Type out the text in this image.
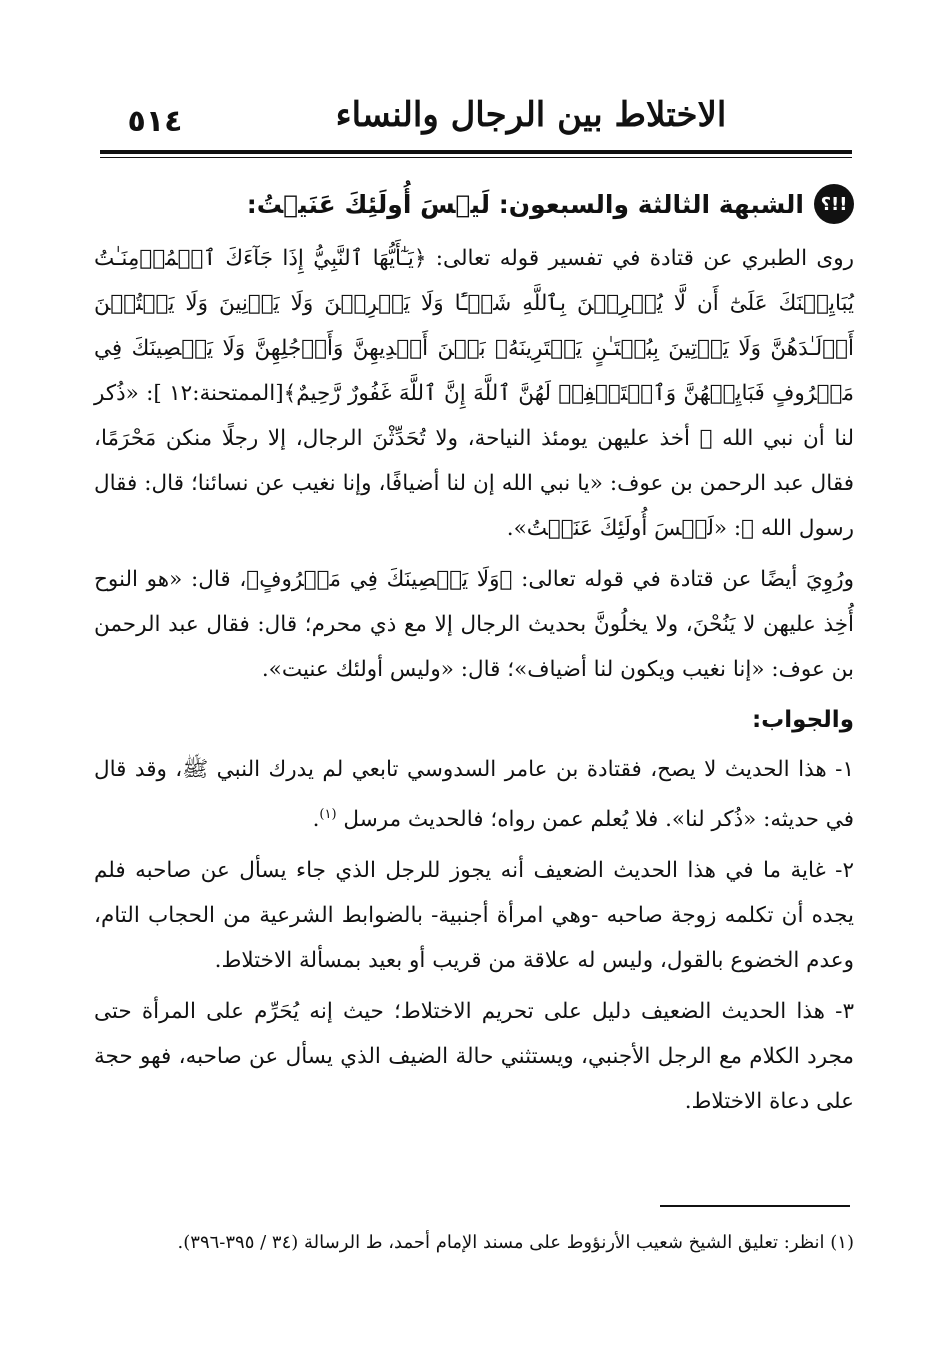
الاختلاط بين الرجال والنساء
٥١٤
!!؟
الشبهة الثالثة والسبعون: لَيۡسَ أُولَئِكَ عَنَيۡتُ:

روى الطبري عن قتادة في تفسير قوله تعالى: ﴿يَـٰٓأَيُّهَا ٱلنَّبِيُّ إِذَا جَآءَكَ ٱلۡمُؤۡمِنَـٰتُ يُبَايِعۡنَكَ عَلَىٰٓ أَن لَّا يُشۡرِكۡنَ بِٱللَّهِ شَيۡـًٔا وَلَا يَسۡرِقۡنَ وَلَا يَزۡنِينَ وَلَا يَقۡتُلۡنَ أَوۡلَـٰدَهُنَّ وَلَا يَأۡتِينَ بِبُهۡتَـٰنٍ يَفۡتَرِينَهُۥ بَيۡنَ أَيۡدِيهِنَّ وَأَرۡجُلِهِنَّ وَلَا يَعۡصِينَكَ فِي مَعۡرُوفٍ فَبَايِعۡهُنَّ وَٱسۡتَغۡفِرۡ لَهُنَّ ٱللَّهَ إِنَّ ٱللَّهَ غَفُورٌ رَّحِيمٌ﴾[الممتحنة:١٢ ]: «ذُكر لنا أن نبي الله ﷺ أخذ عليهن يومئذ النياحة، ولا تُحَدِّثْنَ الرجال، إلا رجلًا منكن مَحْرَمًا، فقال عبد الرحمن بن عوف: «يا نبي الله إن لنا أضيافًا، وإنا نغيب عن نسائنا؛ قال: فقال رسول الله ﷺ: «لَيۡسَ أُولَئِكَ عَنَيۡتُ».

ورُوِيَ أيضًا عن قتادة في قوله تعالى: ﴿وَلَا يَعۡصِينَكَ فِي مَعۡرُوفٍ﴾، قال: «هو النوح أُخِذ عليهن لا يَنُحْنَ، ولا يخلُونَّ بحديث الرجال إلا مع ذي محرم؛ قال: فقال عبد الرحمن بن عوف: «إنا نغيب ويكون لنا أضياف»؛ قال: «وليس أولئك عنيت».

والجواب:

١- هذا الحديث لا يصح، فقتادة بن عامر السدوسي تابعي لم يدرك النبي ﷺ، وقد قال في حديثه: «ذُكر لنا». فلا يُعلم عمن رواه؛ فالحديث مرسل $^{(١)}$.

٢- غاية ما في هذا الحديث الضعيف أنه يجوز للرجل الذي جاء يسأل عن صاحبه فلم يجده أن تكلمه زوجة صاحبه -وهي امرأة أجنبية- بالضوابط الشرعية من الحجاب التام، وعدم الخضوع بالقول، وليس له علاقة من قريب أو بعيد بمسألة الاختلاط.

٣- هذا الحديث الضعيف دليل على تحريم الاختلاط؛ حيث إنه يُحَرِّم على المرأة حتى مجرد الكلام مع الرجل الأجنبي، ويستثني حالة الضيف الذي يسأل عن صاحبه، فهو حجة على دعاة الاختلاط.

(١) انظر: تعليق الشيخ شعيب الأرنؤوط على مسند الإمام أحمد، ط الرسالة (٣٤ / ٣٩٥-٣٩٦).
